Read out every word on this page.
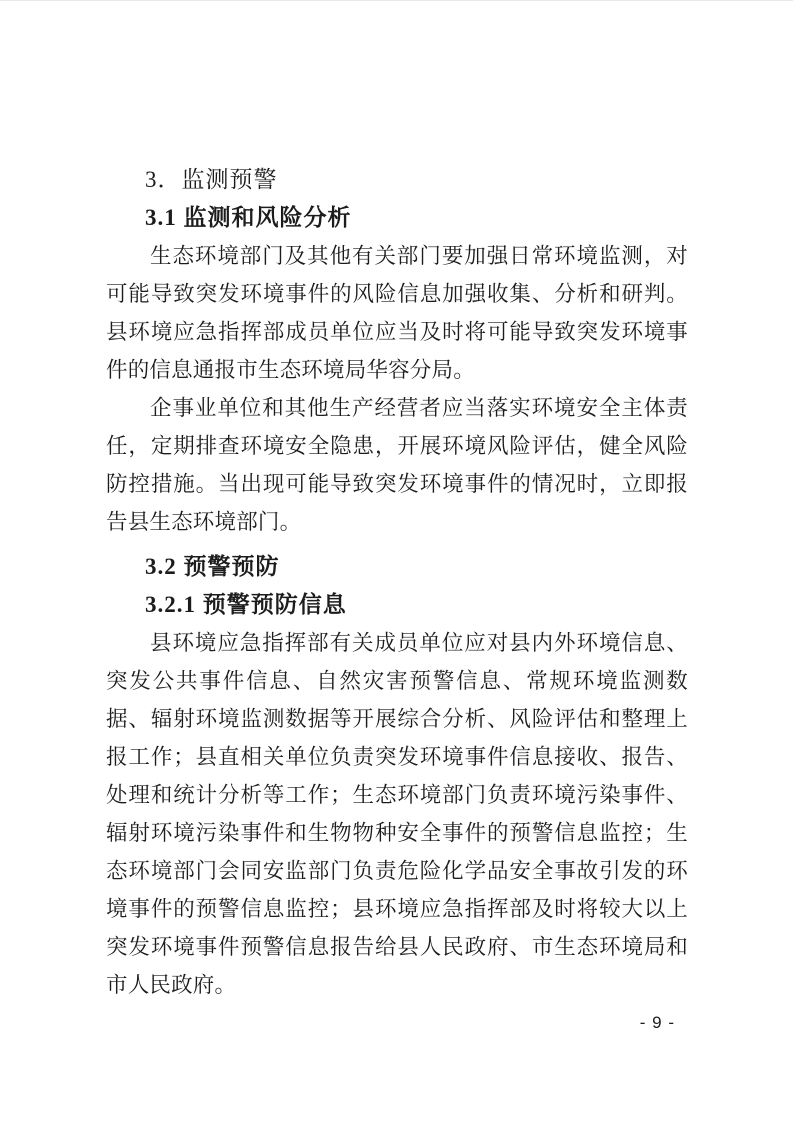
3．监测预警
3.1 监测和风险分析

生态环境部门及其他有关部门要加强日常环境监测，对可能导致突发环境事件的风险信息加强收集、分析和研判。县环境应急指挥部成员单位应当及时将可能导致突发环境事件的信息通报市生态环境局华容分局。

企事业单位和其他生产经营者应当落实环境安全主体责任，定期排查环境安全隐患，开展环境风险评估，健全风险防控措施。当出现可能导致突发环境事件的情况时，立即报告县生态环境部门。

3.2 预警预防
3.2.1 预警预防信息

县环境应急指挥部有关成员单位应对县内外环境信息、突发公共事件信息、自然灾害预警信息、常规环境监测数据、辐射环境监测数据等开展综合分析、风险评估和整理上报工作；县直相关单位负责突发环境事件信息接收、报告、处理和统计分析等工作；生态环境部门负责环境污染事件、辐射环境污染事件和生物物种安全事件的预警信息监控；生态环境部门会同安监部门负责危险化学品安全事故引发的环境事件的预警信息监控；县环境应急指挥部及时将较大以上突发环境事件预警信息报告给县人民政府、市生态环境局和市人民政府。

- 9 -
